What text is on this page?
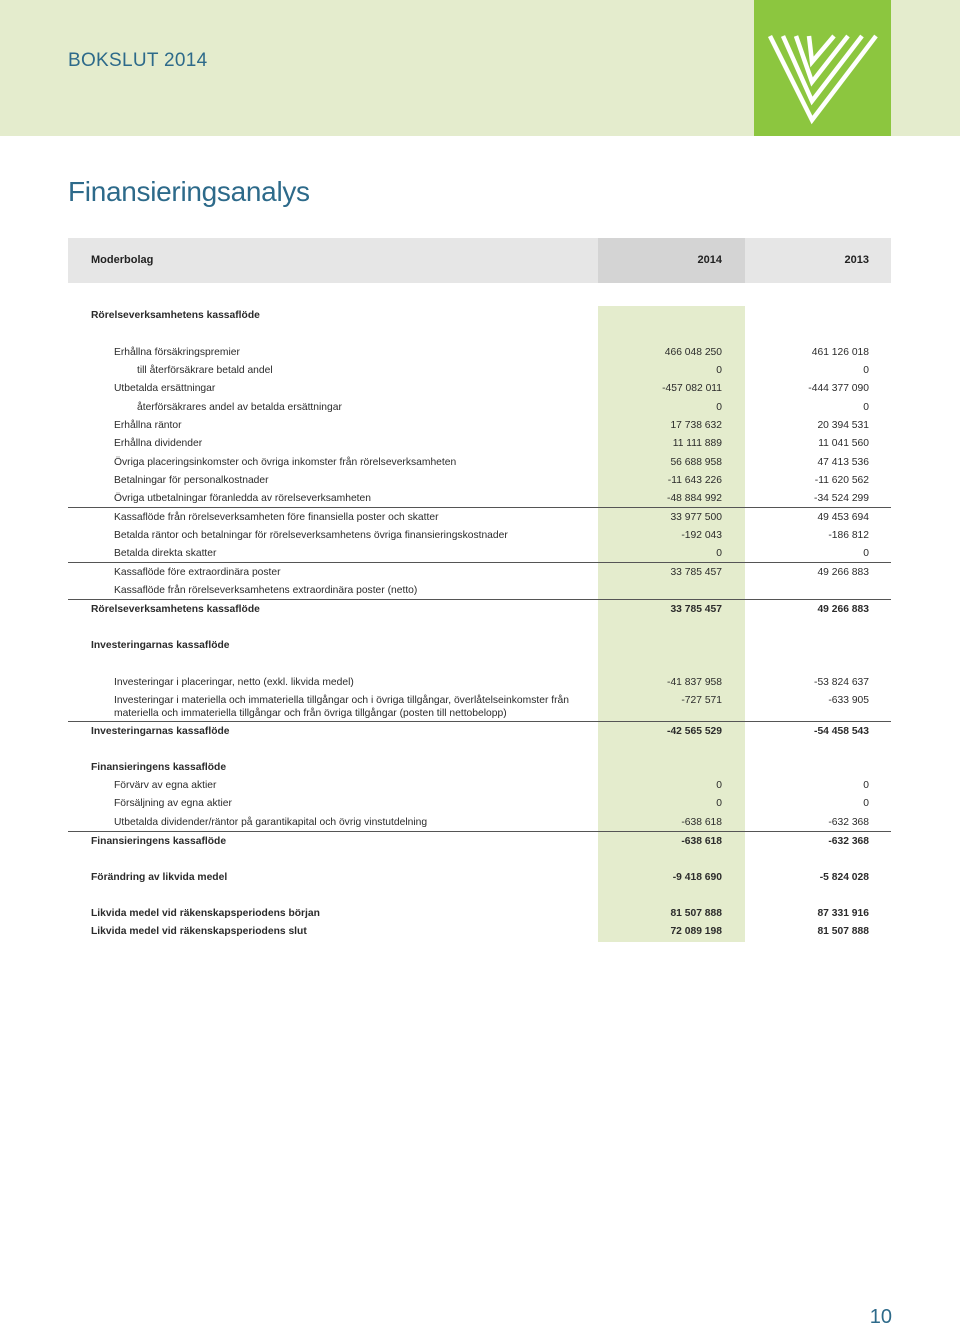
BOKSLUT 2014
Finansieringsanalys
Moderbolag	2014	2013
Rörelseverksamhetens kassaflöde
Erhållna försäkringspremier	466 048 250	461 126 018
till återförsäkrare betald andel	0	0
Utbetalda ersättningar	-457 082 011	-444 377 090
återförsäkrares andel av betalda ersättningar	0	0
Erhållna räntor	17 738 632	20 394 531
Erhållna dividender	11 111 889	11 041 560
Övriga placeringsinkomster och övriga inkomster från rörelseverksamheten	56 688 958	47 413 536
Betalningar för personalkostnader	-11 643 226	-11 620 562
Övriga utbetalningar föranledda av rörelseverksamheten	-48 884 992	-34 524 299
Kassaflöde från rörelseverksamheten före finansiella poster och skatter	33 977 500	49 453 694
Betalda räntor och betalningar för rörelseverksamhetens övriga finansieringskostnader	-192 043	-186 812
Betalda direkta skatter	0	0
Kassaflöde före extraordinära poster	33 785 457	49 266 883
Kassaflöde från rörelseverksamhetens extraordinära poster (netto)
Rörelseverksamhetens kassaflöde	33 785 457	49 266 883
Investeringarnas kassaflöde
Investeringar i placeringar, netto (exkl. likvida medel)	-41 837 958	-53 824 637
Investeringar i materiella och immateriella tillgångar och i övriga tillgångar, överlåtelseinkomster från materiella och immateriella tillgångar och från övriga tillgångar (posten till nettobelopp)
-727 571	-633 905
Investeringarnas kassaflöde	-42 565 529	-54 458 543
Finansieringens kassaflöde
Förvärv av egna aktier	0	0
Försäljning av egna aktier	0	0
Utbetalda dividender/räntor på garantikapital och övrig vinstutdelning	-638 618	-632 368
Finansieringens kassaflöde	-638 618	-632 368
Förändring av likvida medel	-9 418 690	-5 824 028
Likvida medel vid räkenskapsperiodens början	81 507 888	87 331 916
Likvida medel vid räkenskapsperiodens slut	72 089 198	81 507 888
10
